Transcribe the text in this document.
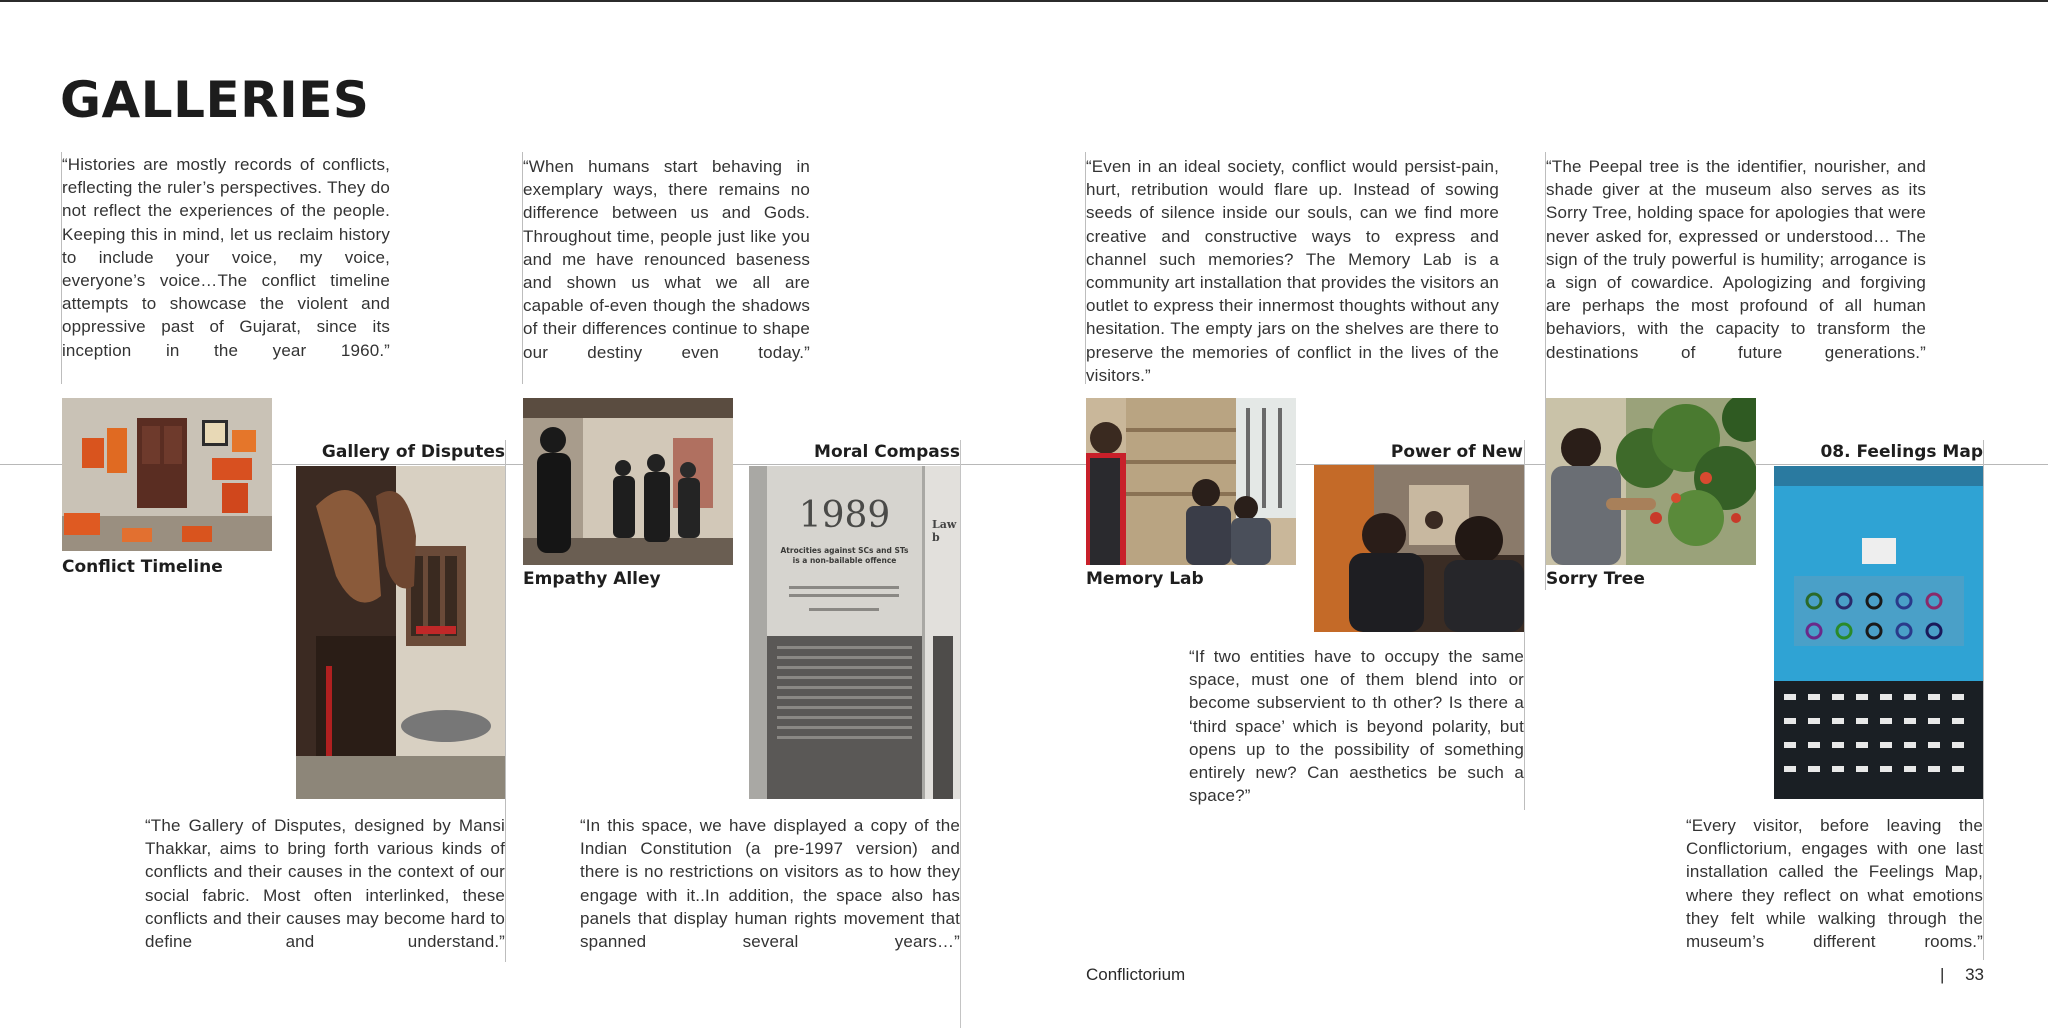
GALLERIES

“Histories are mostly records of conflicts, reflecting the ruler’s perspectives. They do not reflect the experiences of the people. Keeping this in mind, let us reclaim history to include your voice, my voice, everyone’s voice…The conflict timeline attempts to showcase the violent and oppressive past of Gujarat, since its inception in the year 1960.”

Conflict Timeline
Gallery of Disputes

“The Gallery of Disputes, designed by Mansi Thakkar, aims to bring forth various kinds of conflicts and their causes in the context of our social fabric. Most often interlinked, these conflicts and their causes may become hard to define and understand.”

“When humans start behaving in exemplary ways, there remains no difference between us and Gods. Throughout time, people just like you and me have renounced baseness and shown us what we all are capable of-even though the shadows of their differences continue to shape our destiny even today.”

Empathy Alley
Moral Compass
1989
Atrocities against SCs and STs is a non-bailable offence
Law b

“In this space, we have displayed a copy of the Indian Constitution (a pre-1997 version) and there is no restrictions on visitors as to how they engage with it..In addition, the space also has panels that display human rights movement that spanned several years…”

“Even in an ideal society, conflict would persist-pain, hurt, retribution would flare up. Instead of sowing seeds of silence inside our souls, can we find more creative and constructive ways to express and channel such memories? The Memory Lab is a community art installation that provides the visitors an outlet to express their innermost thoughts without any hesitation. The empty jars on the shelves are there to preserve the memories of conflict in the lives of the visitors.”

Memory Lab
Power of New

“If two entities have to occupy the same space, must one of them blend into or become subservient to th other? Is there a ‘third space’ which is beyond polarity, but opens up to the possibility of something entirely new? Can aesthetics be such a space?”

“The Peepal tree is the identifier, nourisher, and shade giver at the museum also serves as its Sorry Tree, holding space for apologies that were never asked for, expressed or understood… The sign of the truly powerful is humility; arrogance is a sign of cowardice. Apologizing and forgiving are perhaps the most profound of all human behaviors, with the capacity to transform the destinations of future generations.”

Sorry Tree
08. Feelings Map

“Every visitor, before leaving the Conflictorium, engages with one last installation called the Feelings Map, where they reflect on what emotions they felt while walking through the museum’s different rooms.”

Conflictorium	|	33
